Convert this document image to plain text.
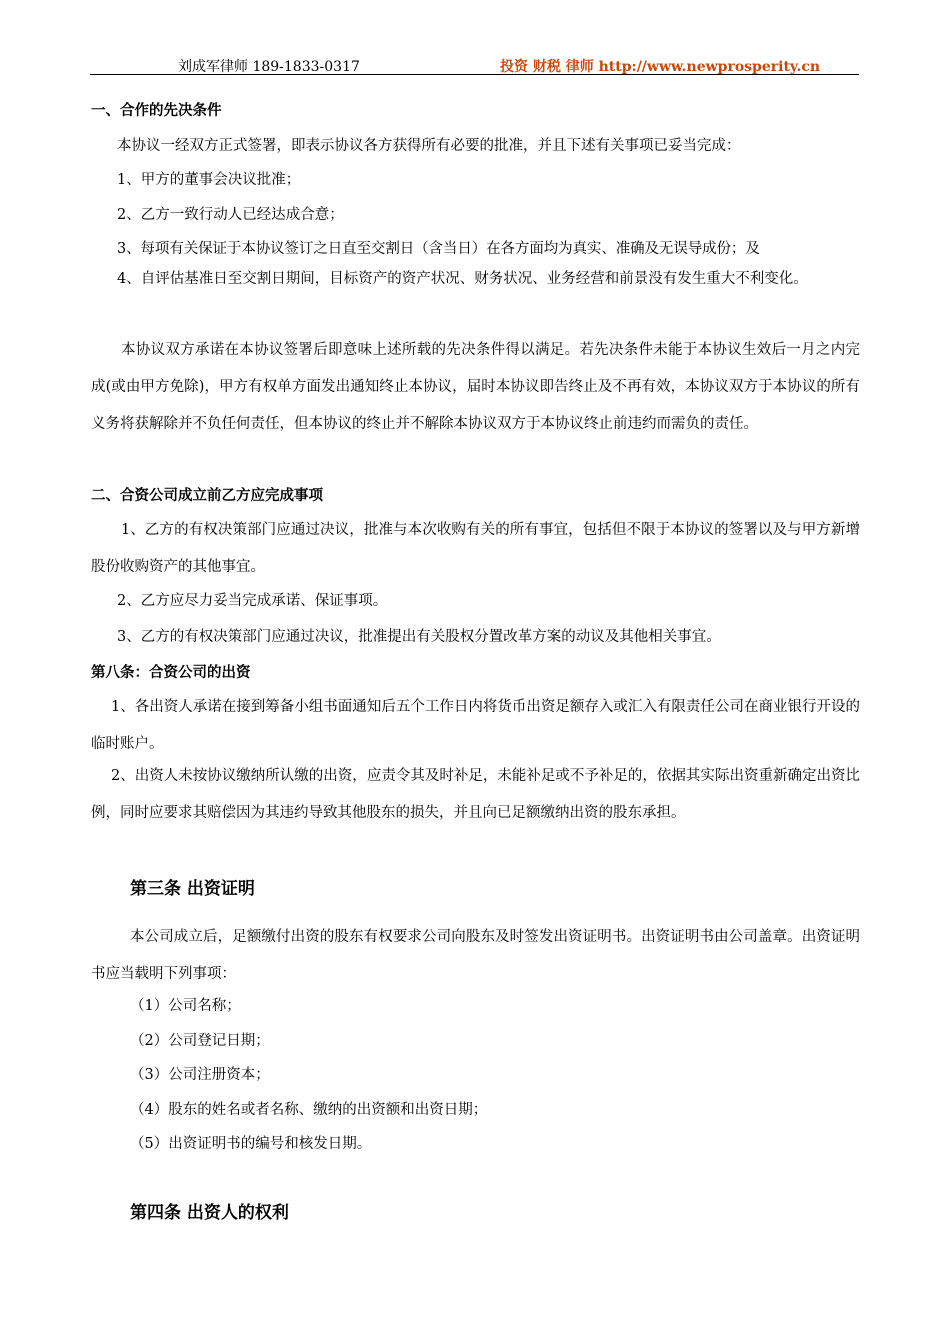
刘成军律师 189-1833-0317	投资 财税 律师 http://www.newprosperity.cn
一、合作的先决条件
本协议一经双方正式签署，即表示协议各方获得所有必要的批准，并且下述有关事项已妥当完成：
1、甲方的董事会决议批准；
2、乙方一致行动人已经达成合意；
3、每项有关保证于本协议签订之日直至交割日（含当日）在各方面均为真实、准确及无误导成份；及
4、自评估基准日至交割日期间，目标资产的资产状况、财务状况、业务经营和前景没有发生重大不利变化。
本协议双方承诺在本协议签署后即意味上述所载的先决条件得以满足。若先决条件未能于本协议生效后一月之内完成(或由甲方免除)，甲方有权单方面发出通知终止本协议，届时本协议即告终止及不再有效，本协议双方于本协议的所有义务将获解除并不负任何责任，但本协议的终止并不解除本协议双方于本协议终止前违约而需负的责任。
二、合资公司成立前乙方应完成事项
1、乙方的有权决策部门应通过决议，批准与本次收购有关的所有事宜，包括但不限于本协议的签署以及与甲方新增股份收购资产的其他事宜。
2、乙方应尽力妥当完成承诺、保证事项。
3、乙方的有权决策部门应通过决议，批准提出有关股权分置改革方案的动议及其他相关事宜。
第八条：合资公司的出资
1、各出资人承诺在接到筹备小组书面通知后五个工作日内将货币出资足额存入或汇入有限责任公司在商业银行开设的临时账户。
2、出资人未按协议缴纳所认缴的出资，应责令其及时补足，未能补足或不予补足的，依据其实际出资重新确定出资比例，同时应要求其赔偿因为其违约导致其他股东的损失，并且向已足额缴纳出资的股东承担。
第三条 出资证明
本公司成立后，足额缴付出资的股东有权要求公司向股东及时签发出资证明书。出资证明书由公司盖章。出资证明书应当载明下列事项：
（1）公司名称；
（2）公司登记日期；
（3）公司注册资本；
（4）股东的姓名或者名称、缴纳的出资额和出资日期；
（5）出资证明书的编号和核发日期。
第四条 出资人的权利
